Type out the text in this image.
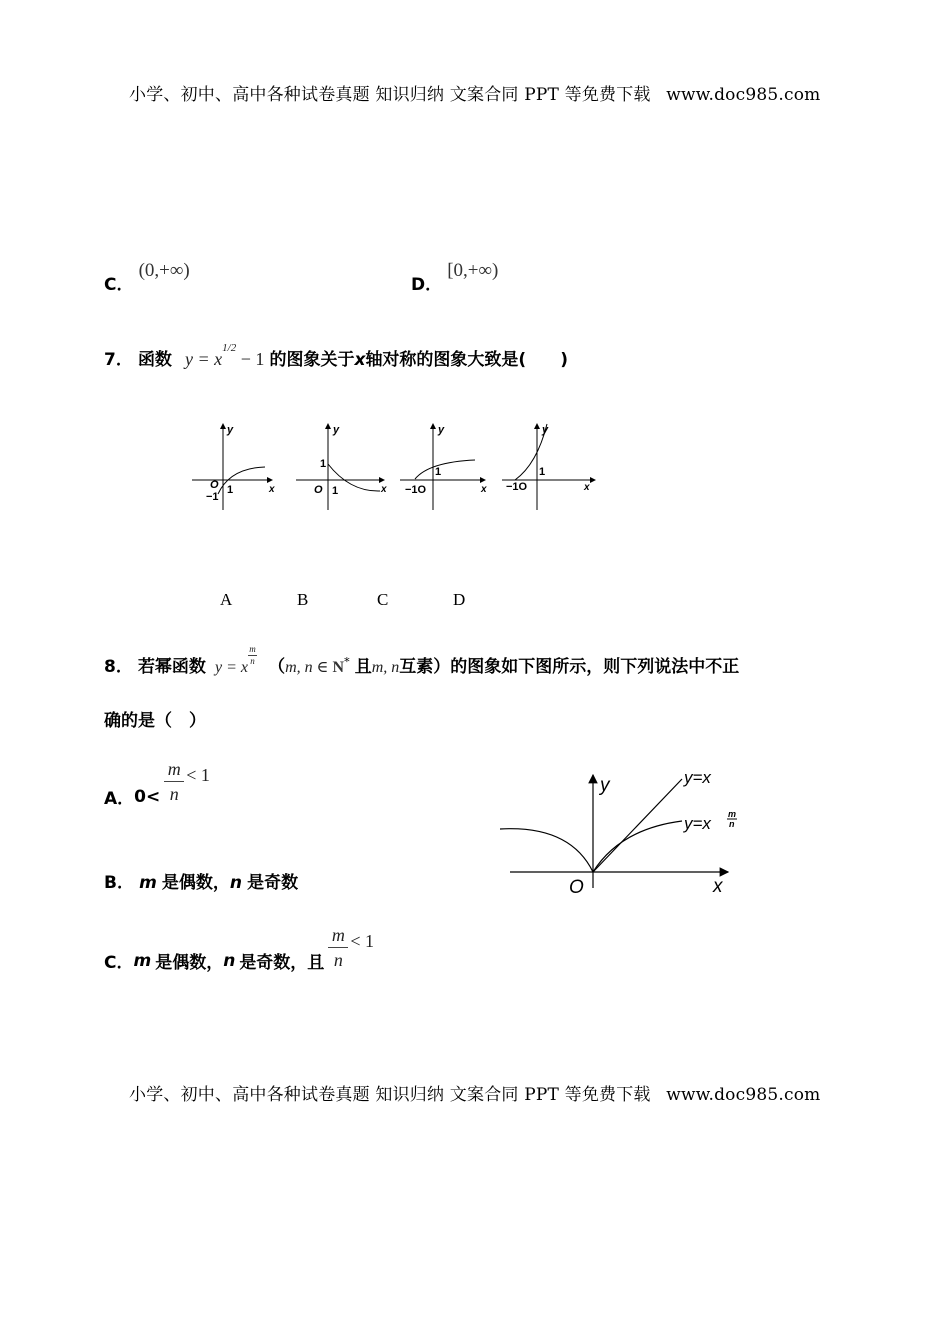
小学、初中、高中各种试卷真题 知识归纳 文案合同 PPT 等免费下载 www.doc985.com
C． (0,+∞)
D． [0,+∞)
7． 函数 $y = x^{1/2} - 1$ 的图象关于x轴对称的图象大致是(　　)
y
x
O
−1
1
y
x
O
1
1
y
x
−1O
1
y
x
−1O
1
A	B	C	D
8． 若幂函数 y = x
$\frac{m}{n}$
（m, n ∈ N* 且m, n互素）的图象如下图所示，则下列说法中不正
确的是（　）
y
x
O
y=x
y=x m
n
A． $0< \frac{m}{n} < 1$
B． m 是偶数，n 是奇数
C． m 是偶数， n 是奇数，且 $\frac{m}{n} < 1$
小学、初中、高中各种试卷真题 知识归纳 文案合同 PPT 等免费下载 www.doc985.com
